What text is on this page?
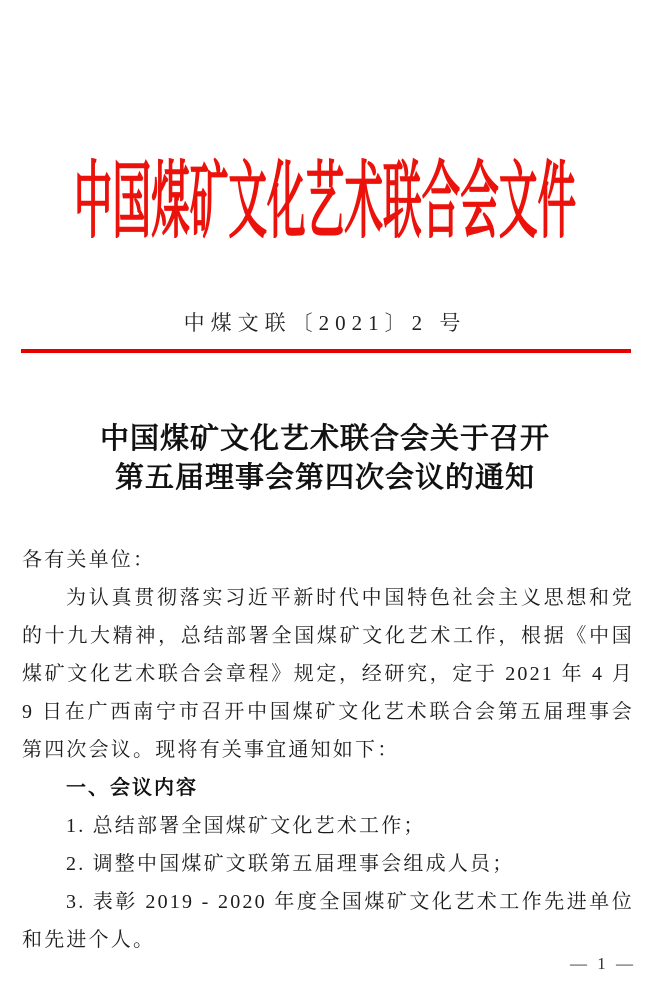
中国煤矿文化艺术联合会文件
中煤文联〔2021〕2 号
中国煤矿文化艺术联合会关于召开
第五届理事会第四次会议的通知
各有关单位：
为认真贯彻落实习近平新时代中国特色社会主义思想和党的十九大精神，总结部署全国煤矿文化艺术工作，根据《中国煤矿文化艺术联合会章程》规定，经研究，定于 2021 年 4 月 9 日在广西南宁市召开中国煤矿文化艺术联合会第五届理事会第四次会议。现将有关事宜通知如下：
一、会议内容
1. 总结部署全国煤矿文化艺术工作；
2. 调整中国煤矿文联第五届理事会组成人员；
3. 表彰 2019 - 2020 年度全国煤矿文化艺术工作先进单位和先进个人。
— 1 —
